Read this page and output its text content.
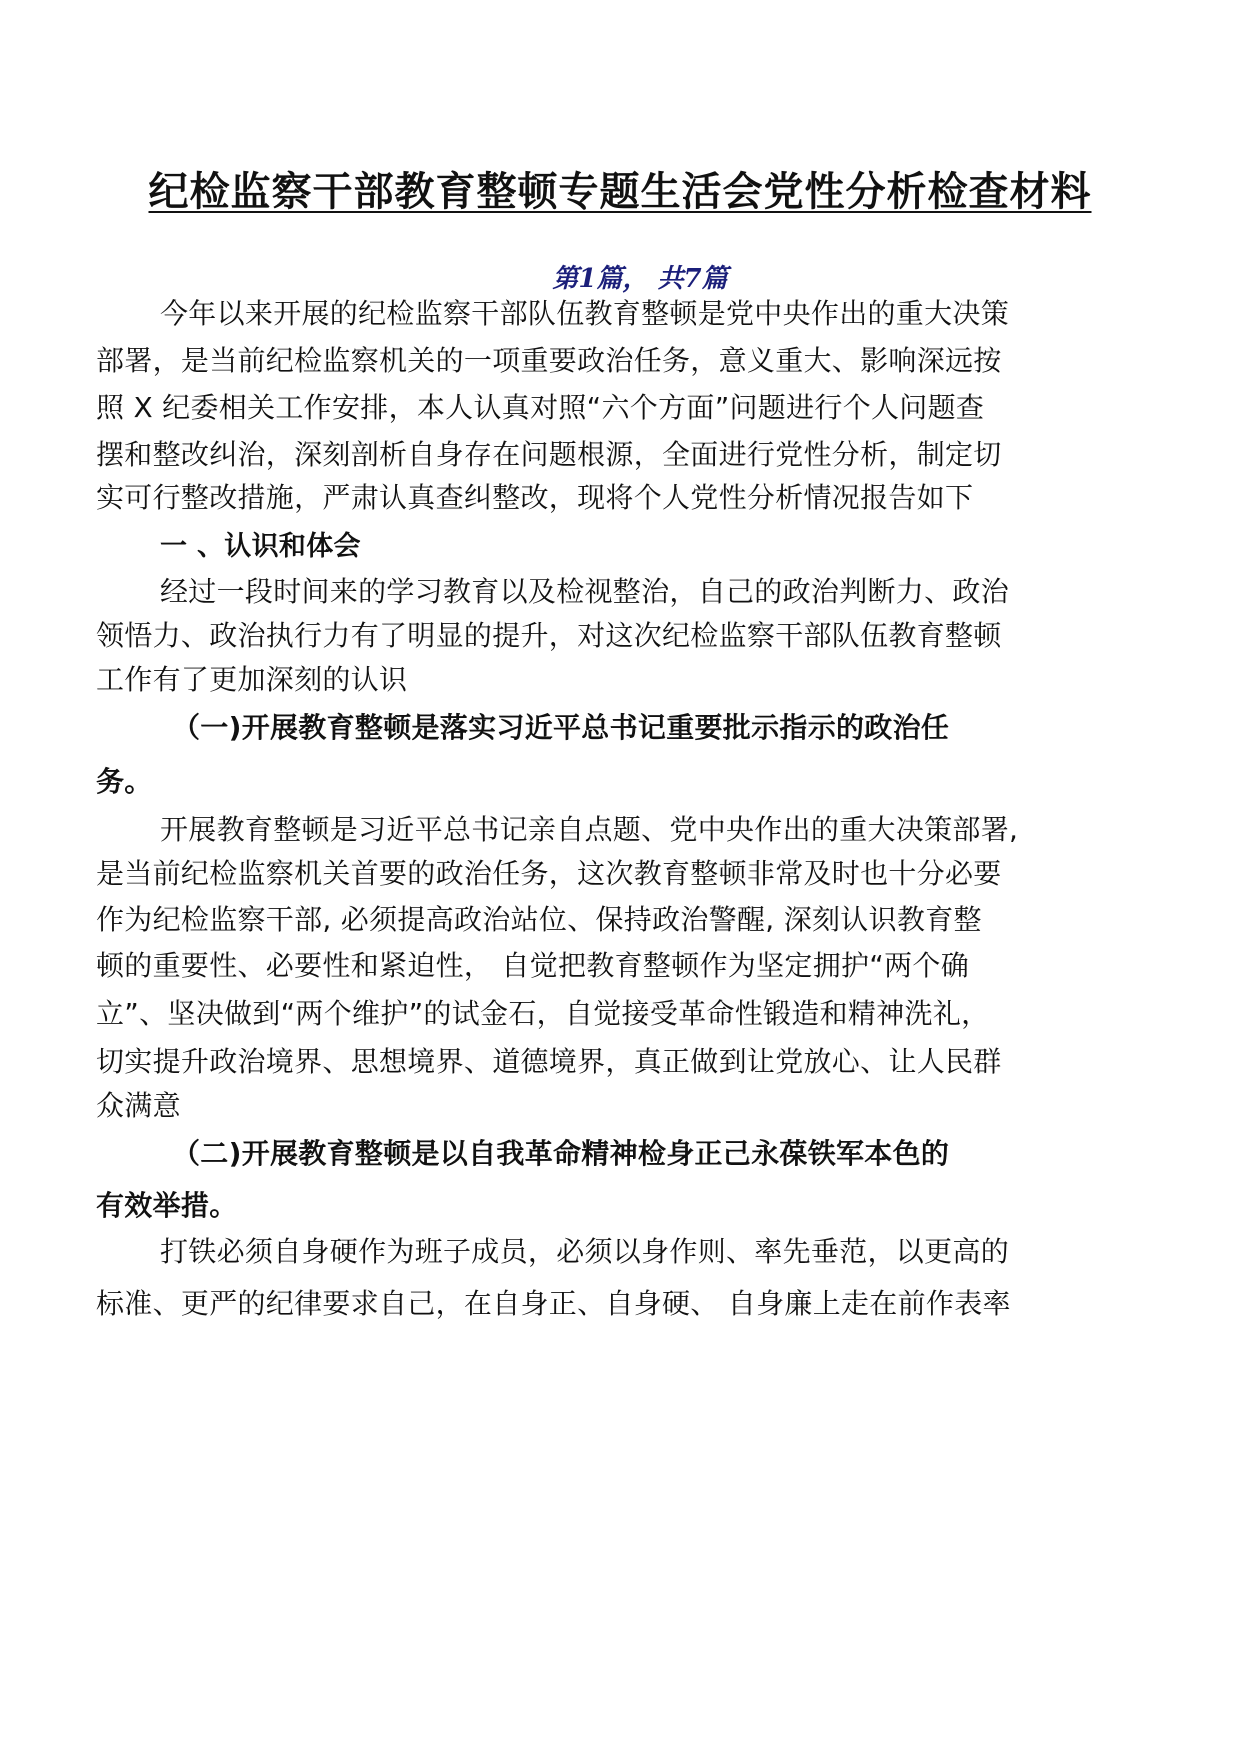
纪检监察干部教育整顿专题生活会党性分析检查材料
第1篇， 共7篇
今年以来开展的纪检监察干部队伍教育整顿是党中央作出的重大决策
部署，是当前纪检监察机关的一项重要政治任务，意义重大、影响深远按
照 X 纪委相关工作安排，本人认真对照“六个方面”问题进行个人问题查
摆和整改纠治，深刻剖析自身存在问题根源，全面进行党性分析，制定切
实可行整改措施，严肃认真查纠整改，现将个人党性分析情况报告如下
一 、认识和体会
经过一段时间来的学习教育以及检视整治，自己的政治判断力、政治
领悟力、政治执行力有了明显的提升，对这次纪检监察干部队伍教育整顿
工作有了更加深刻的认识
（一)开展教育整顿是落实习近平总书记重要批示指示的政治任
务。
开展教育整顿是习近平总书记亲自点题、党中央作出的重大决策部署,
是当前纪检监察机关首要的政治任务，这次教育整顿非常及时也十分必要
作为纪检监察干部, 必须提高政治站位、保持政治警醒, 深刻认识教育整
顿的重要性、必要性和紧迫性， 自觉把教育整顿作为坚定拥护“两个确
立”、坚决做到“两个维护”的试金石，自觉接受革命性锻造和精神洗礼，
切实提升政治境界、思想境界、道德境界，真正做到让党放心、让人民群
众满意
（二)开展教育整顿是以自我革命精神检身正己永葆铁军本色的
有效举措。
打铁必须自身硬作为班子成员，必须以身作则、率先垂范，以更高的
标准、更严的纪律要求自己，在自身正、自身硬、 自身廉上走在前作表率
